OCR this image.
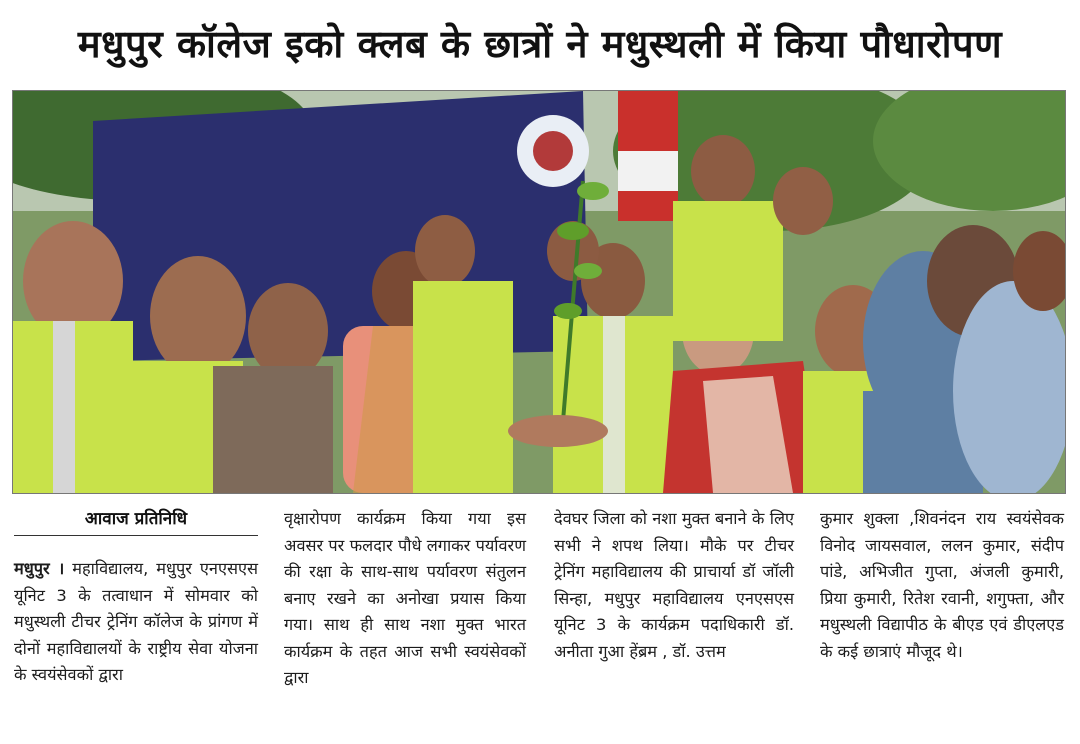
मधुपुर कॉलेज इको क्लब के छात्रों ने मधुस्थली में किया पौधारोपण
आवाज प्रतिनिधि

मधुपुर । महाविद्यालय, मधुपुर एनएसएस यूनिट 3 के तत्वाधान में सोमवार को मधुस्थली टीचर ट्रेनिंग कॉलेज के प्रांगण में दोनों महाविद्यालयों के राष्ट्रीय सेवा योजना के स्वयंसेवकों द्वारा

वृक्षारोपण कार्यक्रम किया गया इस अवसर पर फलदार पौधे लगाकर पर्यावरण की रक्षा के साथ-साथ पर्यावरण संतुलन बनाए रखने का अनोखा प्रयास किया गया। साथ ही साथ नशा मुक्त भारत कार्यक्रम के तहत आज सभी स्वयंसेवकों द्वारा

देवघर जिला को नशा मुक्त बनाने के लिए सभी ने शपथ लिया। मौके पर टीचर ट्रेनिंग महाविद्यालय की प्राचार्या डॉ जॉली सिन्हा, मधुपुर महाविद्यालय एनएसएस यूनिट 3 के कार्यक्रम पदाधिकारी डॉ. अनीता गुआ हेंब्रम , डॉ. उत्तम

कुमार शुक्ला ,शिवनंदन राय स्वयंसेवक विनोद जायसवाल, ललन कुमार, संदीप पांडे, अभिजीत गुप्ता, अंजली कुमारी, प्रिया कुमारी, रितेश रवानी, शगुफ्ता, और मधुस्थली विद्यापीठ के बीएड एवं डीएलएड के कई छात्राएं मौजूद थे।
